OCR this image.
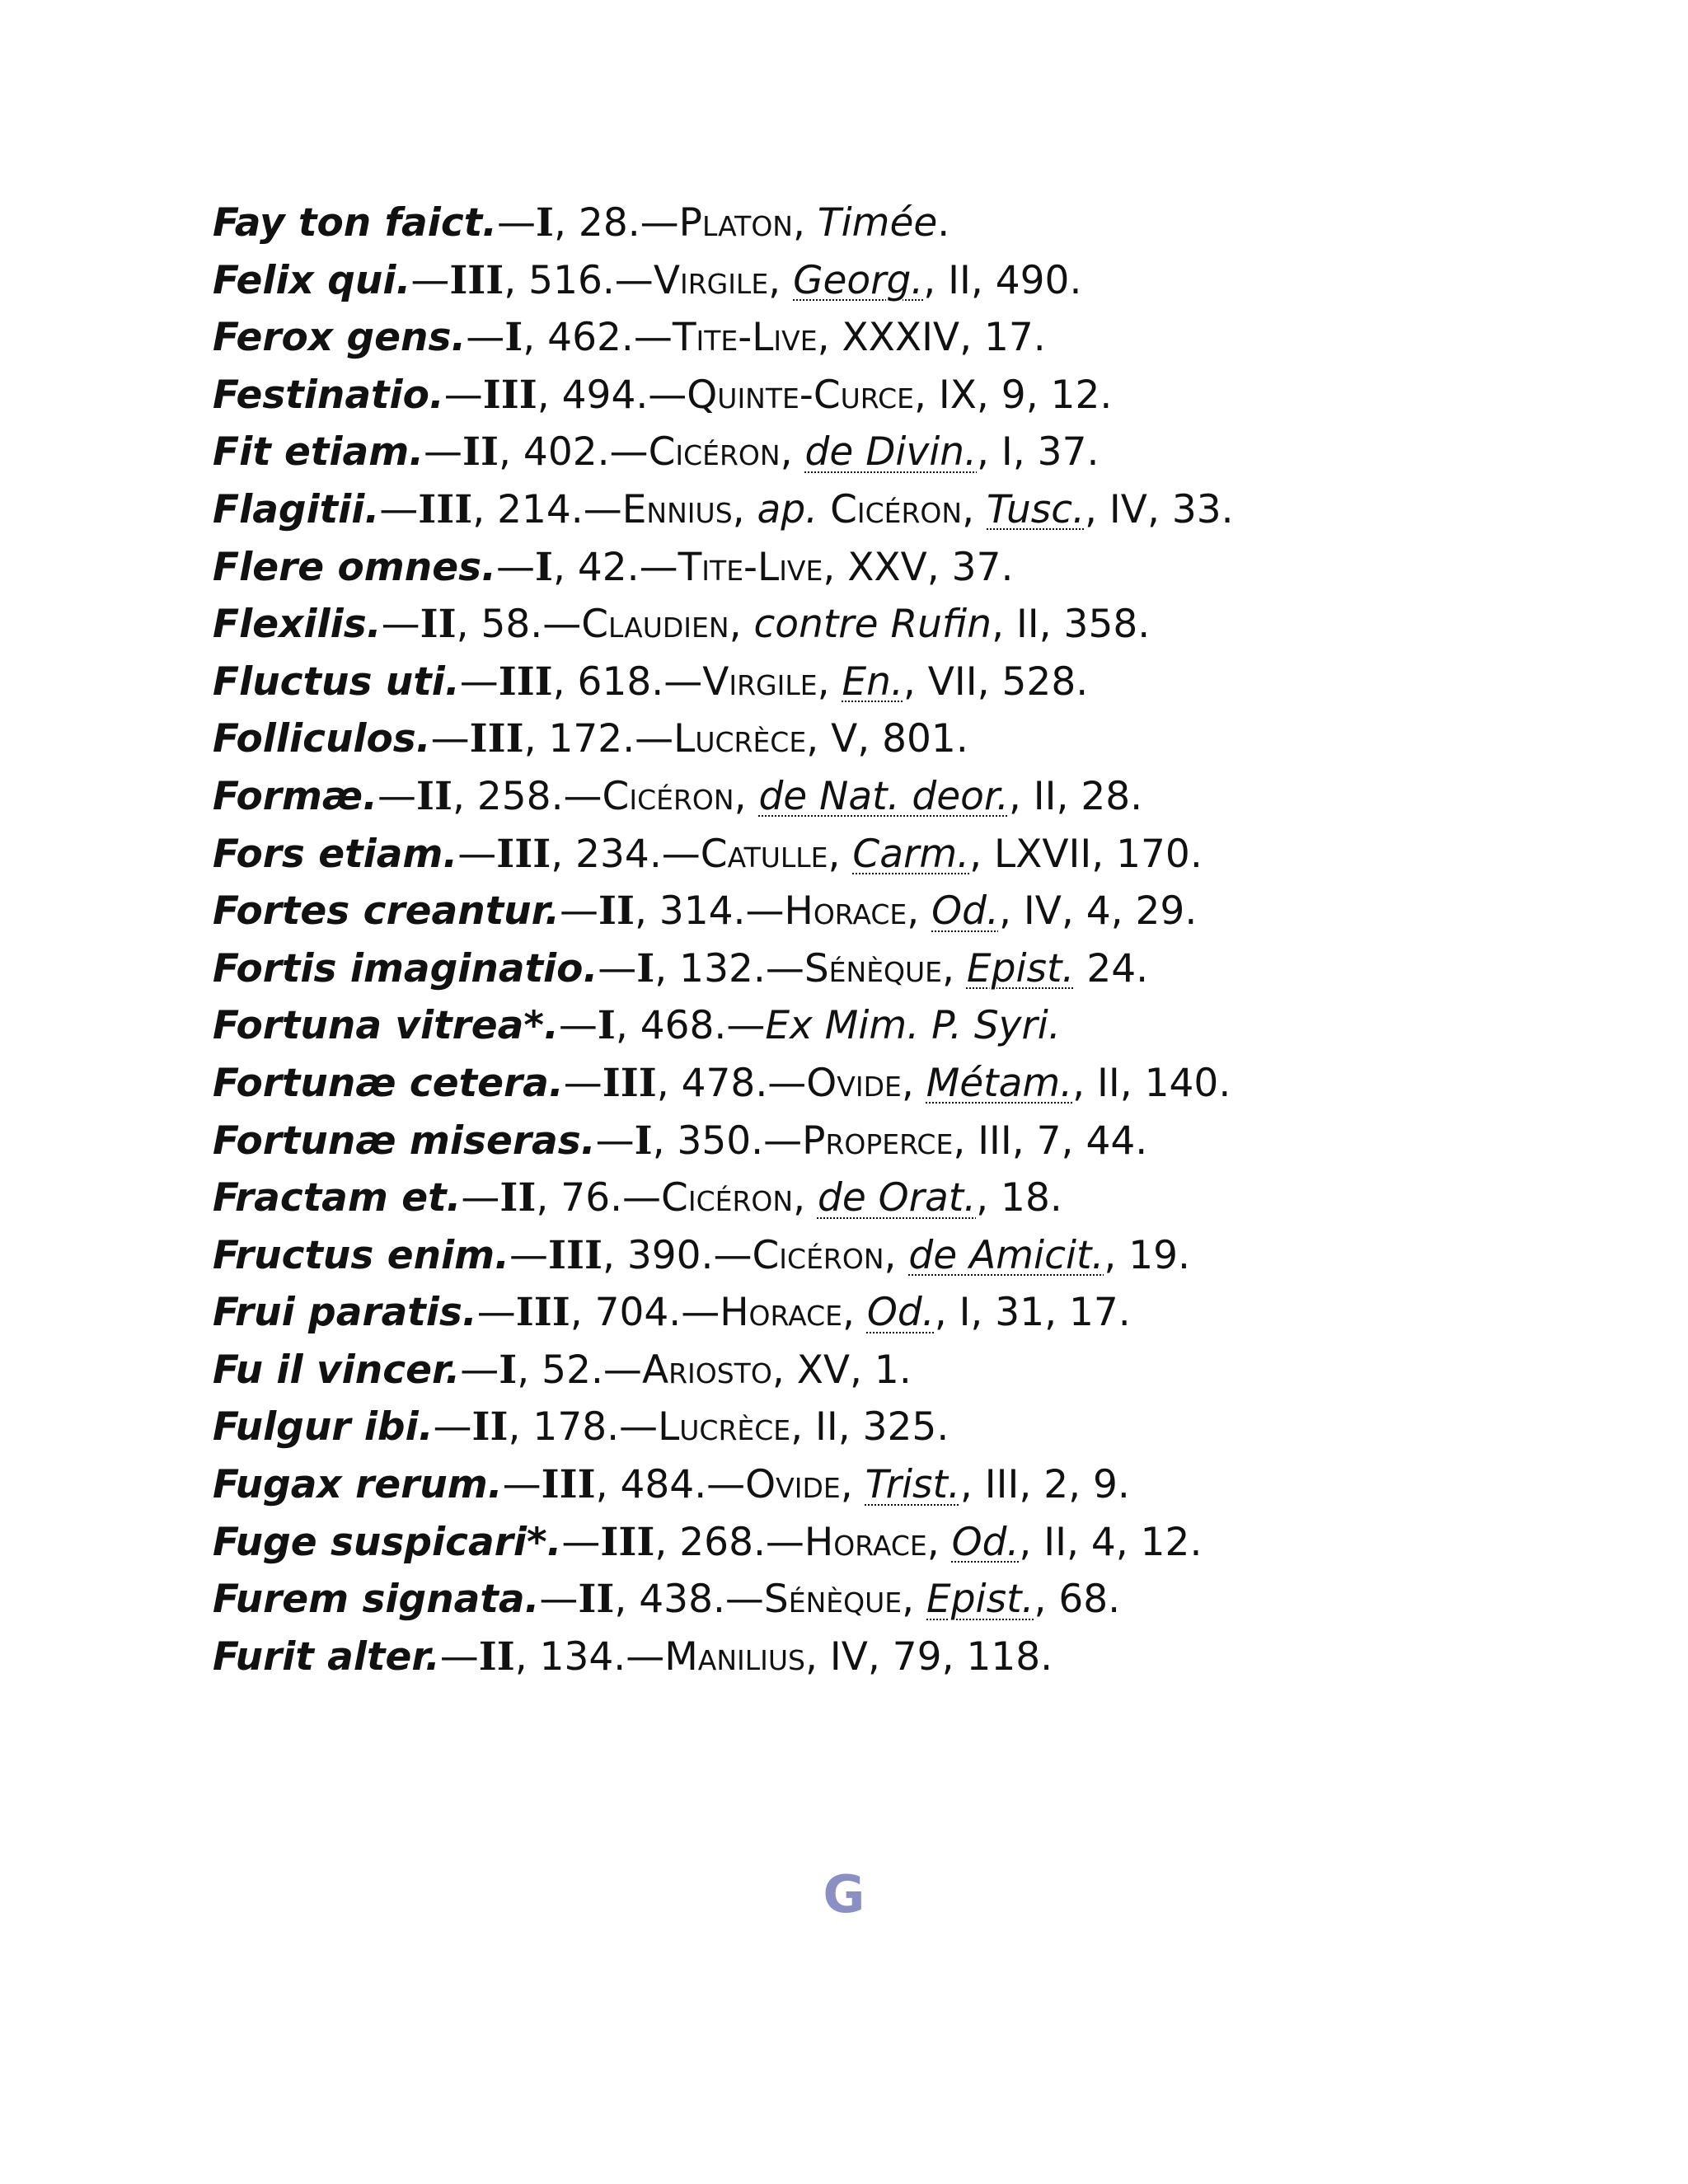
Fay ton faict.—I, 28.—Platon, Timée.
Felix qui.—III, 516.—Virgile, Georg., II, 490.
Ferox gens.—I, 462.—Tite-Live, XXXIV, 17.
Festinatio.—III, 494.—Quinte-Curce, IX, 9, 12.
Fit etiam.—II, 402.—Cicéron, de Divin., I, 37.
Flagitii.—III, 214.—Ennius, ap. Cicéron, Tusc., IV, 33.
Flere omnes.—I, 42.—Tite-Live, XXV, 37.
Flexilis.—II, 58.—Claudien, contre Rufin, II, 358.
Fluctus uti.—III, 618.—Virgile, En., VII, 528.
Folliculos.—III, 172.—Lucrèce, V, 801.
Formæ.—II, 258.—Cicéron, de Nat. deor., II, 28.
Fors etiam.—III, 234.—Catulle, Carm., LXVII, 170.
Fortes creantur.—II, 314.—Horace, Od., IV, 4, 29.
Fortis imaginatio.—I, 132.—Sénèque, Epist. 24.
Fortuna vitrea*.—I, 468.—Ex Mim. P. Syri.
Fortunæ cetera.—III, 478.—Ovide, Métam., II, 140.
Fortunæ miseras.—I, 350.—Properce, III, 7, 44.
Fractam et.—II, 76.—Cicéron, de Orat., 18.
Fructus enim.—III, 390.—Cicéron, de Amicit., 19.
Frui paratis.—III, 704.—Horace, Od., I, 31, 17.
Fu il vincer.—I, 52.—Ariosto, XV, 1.
Fulgur ibi.—II, 178.—Lucrèce, II, 325.
Fugax rerum.—III, 484.—Ovide, Trist., III, 2, 9.
Fuge suspicari*.—III, 268.—Horace, Od., II, 4, 12.
Furem signata.—II, 438.—Sénèque, Epist., 68.
Furit alter.—II, 134.—Manilius, IV, 79, 118.
G
